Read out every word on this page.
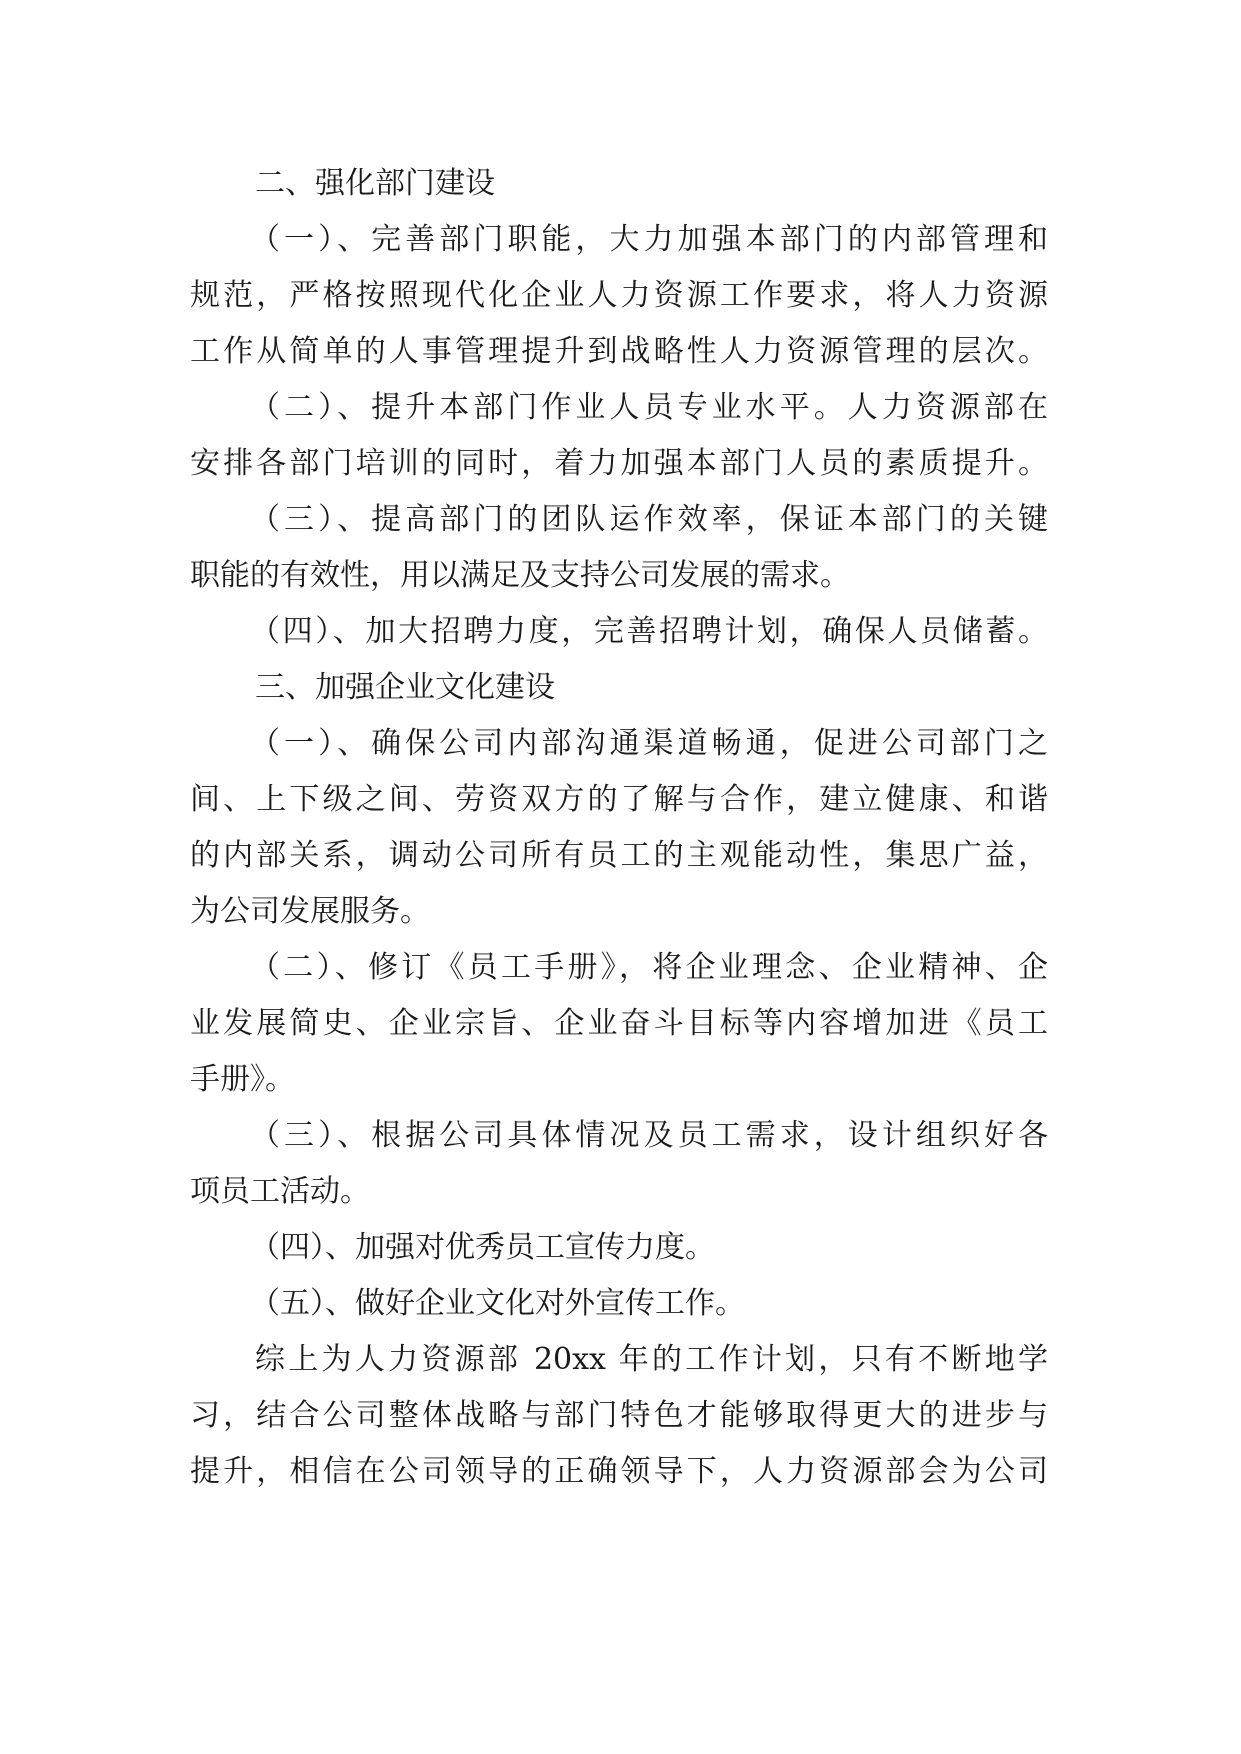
二、强化部门建设
（一）、完善部门职能，大力加强本部门的内部管理和
规范，严格按照现代化企业人力资源工作要求，将人力资源
工作从简单的人事管理提升到战略性人力资源管理的层次。
（二）、提升本部门作业人员专业水平。人力资源部在
安排各部门培训的同时，着力加强本部门人员的素质提升。
（三）、提高部门的团队运作效率，保证本部门的关键
职能的有效性，用以满足及支持公司发展的需求。
（四）、加大招聘力度，完善招聘计划，确保人员储蓄。
三、加强企业文化建设
（一）、确保公司内部沟通渠道畅通，促进公司部门之
间、上下级之间、劳资双方的了解与合作，建立健康、和谐
的内部关系，调动公司所有员工的主观能动性，集思广益，
为公司发展服务。
（二）、修订《员工手册》，将企业理念、企业精神、企
业发展简史、企业宗旨、企业奋斗目标等内容增加进《员工
手册》。
（三）、根据公司具体情况及员工需求，设计组织好各
项员工活动。
（四）、加强对优秀员工宣传力度。
（五）、做好企业文化对外宣传工作。
综上为人力资源部 20xx 年的工作计划，只有不断地学
习，结合公司整体战略与部门特色才能够取得更大的进步与
提升，相信在公司领导的正确领导下，人力资源部会为公司
